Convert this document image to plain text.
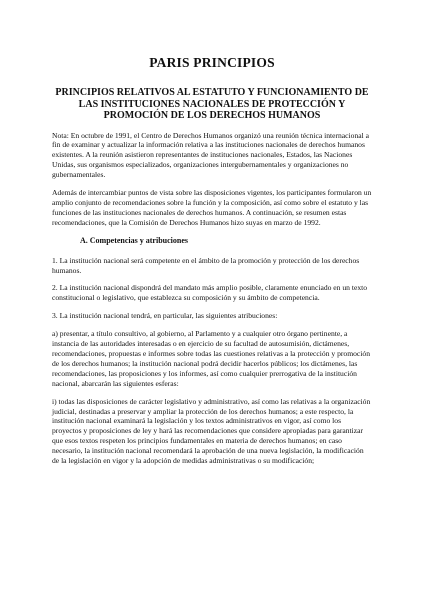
PARIS PRINCIPIOS
PRINCIPIOS RELATIVOS AL ESTATUTO Y FUNCIONAMIENTO DE LAS INSTITUCIONES NACIONALES DE PROTECCIÓN Y PROMOCIÓN DE LOS DERECHOS HUMANOS

Nota: En octubre de 1991, el Centro de Derechos Humanos organizó una reunión técnica internacional a fin de examinar y actualizar la información relativa a las instituciones nacionales de derechos humanos existentes. A la reunión asistieron representantes de instituciones nacionales, Estados, las Naciones Unidas, sus organismos especializados, organizaciones intergubernamentales y organizaciones no gubernamentales.

Además de intercambiar puntos de vista sobre las disposiciones vigentes, los participantes formularon un amplio conjunto de recomendaciones sobre la función y la composición, así como sobre el estatuto y las funciones de las instituciones nacionales de derechos humanos. A continuación, se resumen estas recomendaciones, que la Comisión de Derechos Humanos hizo suyas en marzo de 1992.

A. Competencias y atribuciones

1. La institución nacional será competente en el ámbito de la promoción y protección de los derechos humanos.

2. La institución nacional dispondrá del mandato más amplio posible, claramente enunciado en un texto constitucional o legislativo, que establezca su composición y su ámbito de competencia.

3. La institución nacional tendrá, en particular, las siguientes atribuciones:

a) presentar, a título consultivo, al gobierno, al Parlamento y a cualquier otro órgano pertinente, a instancia de las autoridades interesadas o en ejercicio de su facultad de autosumisión, dictámenes, recomendaciones, propuestas e informes sobre todas las cuestiones relativas a la protección y promoción de los derechos humanos; la institución nacional podrá decidir hacerlos públicos; los dictámenes, las recomendaciones, las proposiciones y los informes, así como cualquier prerrogativa de la institución nacional, abarcarán las siguientes esferas:

i) todas las disposiciones de carácter legislativo y administrativo, así como las relativas a la organización judicial, destinadas a preservar y ampliar la protección de los derechos humanos; a este respecto, la institución nacional examinará la legislación y los textos administrativos en vigor, así como los proyectos y proposiciones de ley y hará las recomendaciones que considere apropiadas para garantizar que esos textos respeten los principios fundamentales en materia de derechos humanos; en caso necesario, la institución nacional recomendará la aprobación de una nueva legislación, la modificación de la legislación en vigor y la adopción de medidas administrativas o su modificación;
